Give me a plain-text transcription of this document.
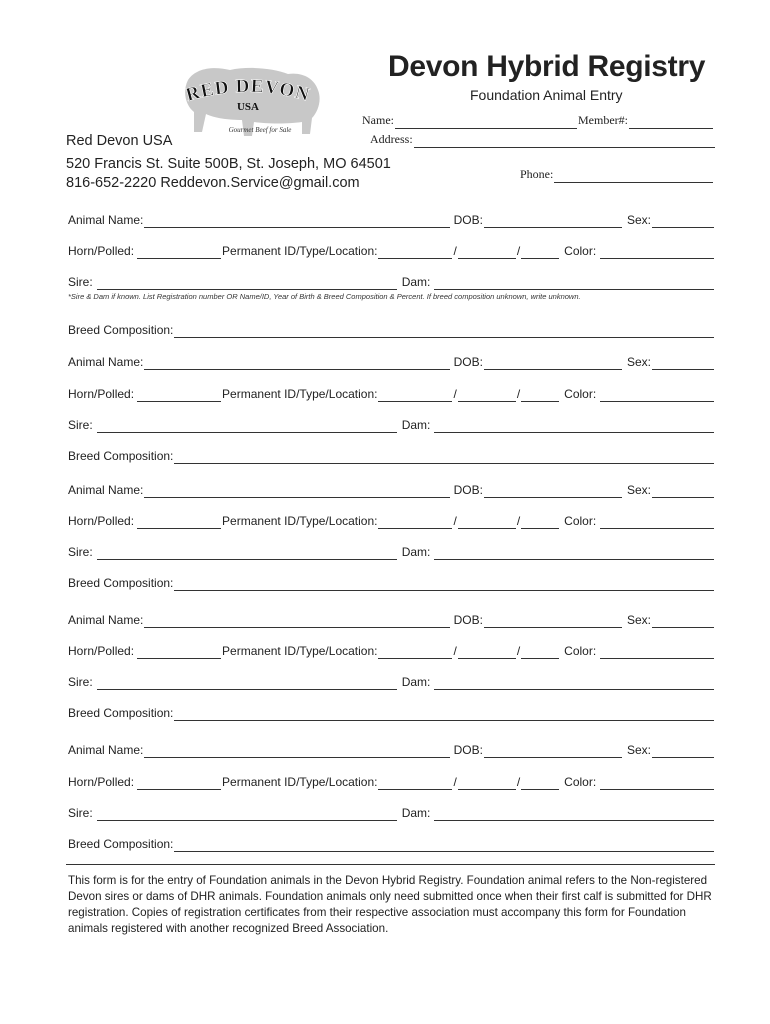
RED DEVON
USA
Gourmet Beef for Sale
Devon Hybrid Registry
Foundation Animal Entry
Name:	Member#:
Address:
Phone:
Red Devon USA
520 Francis St. Suite 500B, St. Joseph, MO 64501
816-652-2220 Reddevon.Service@gmail.com
Animal Name:	DOB:	Sex:
Horn/Polled:	Permanent ID/Type/Location:	/	/	Color:
Sire:	Dam:
Breed Composition:
Animal Name:	DOB:	Sex:
Horn/Polled:	Permanent ID/Type/Location:	/	/	Color:
Sire:	Dam:
Breed Composition:
Animal Name:	DOB:	Sex:
Horn/Polled:	Permanent ID/Type/Location:	/	/	Color:
Sire:	Dam:
Breed Composition:
Animal Name:	DOB:	Sex:
Horn/Polled:	Permanent ID/Type/Location:	/	/	Color:
Sire:	Dam:
Breed Composition:
Animal Name:	DOB:	Sex:
Horn/Polled:	Permanent ID/Type/Location:	/	/	Color:
Sire:	Dam:
Breed Composition:
*Sire & Dam if known. List Registration number OR Name/ID, Year of Birth & Breed Composition & Percent. If breed composition unknown, write unknown.
This form is for the entry of Foundation animals in the Devon Hybrid Registry. Foundation animal refers to the Non-registered Devon sires or dams of DHR animals. Foundation animals only need submitted once when their first calf is submitted for DHR registration. Copies of registration certificates from their respective association must accompany this form for Foundation animals registered with another recognized Breed Association.
